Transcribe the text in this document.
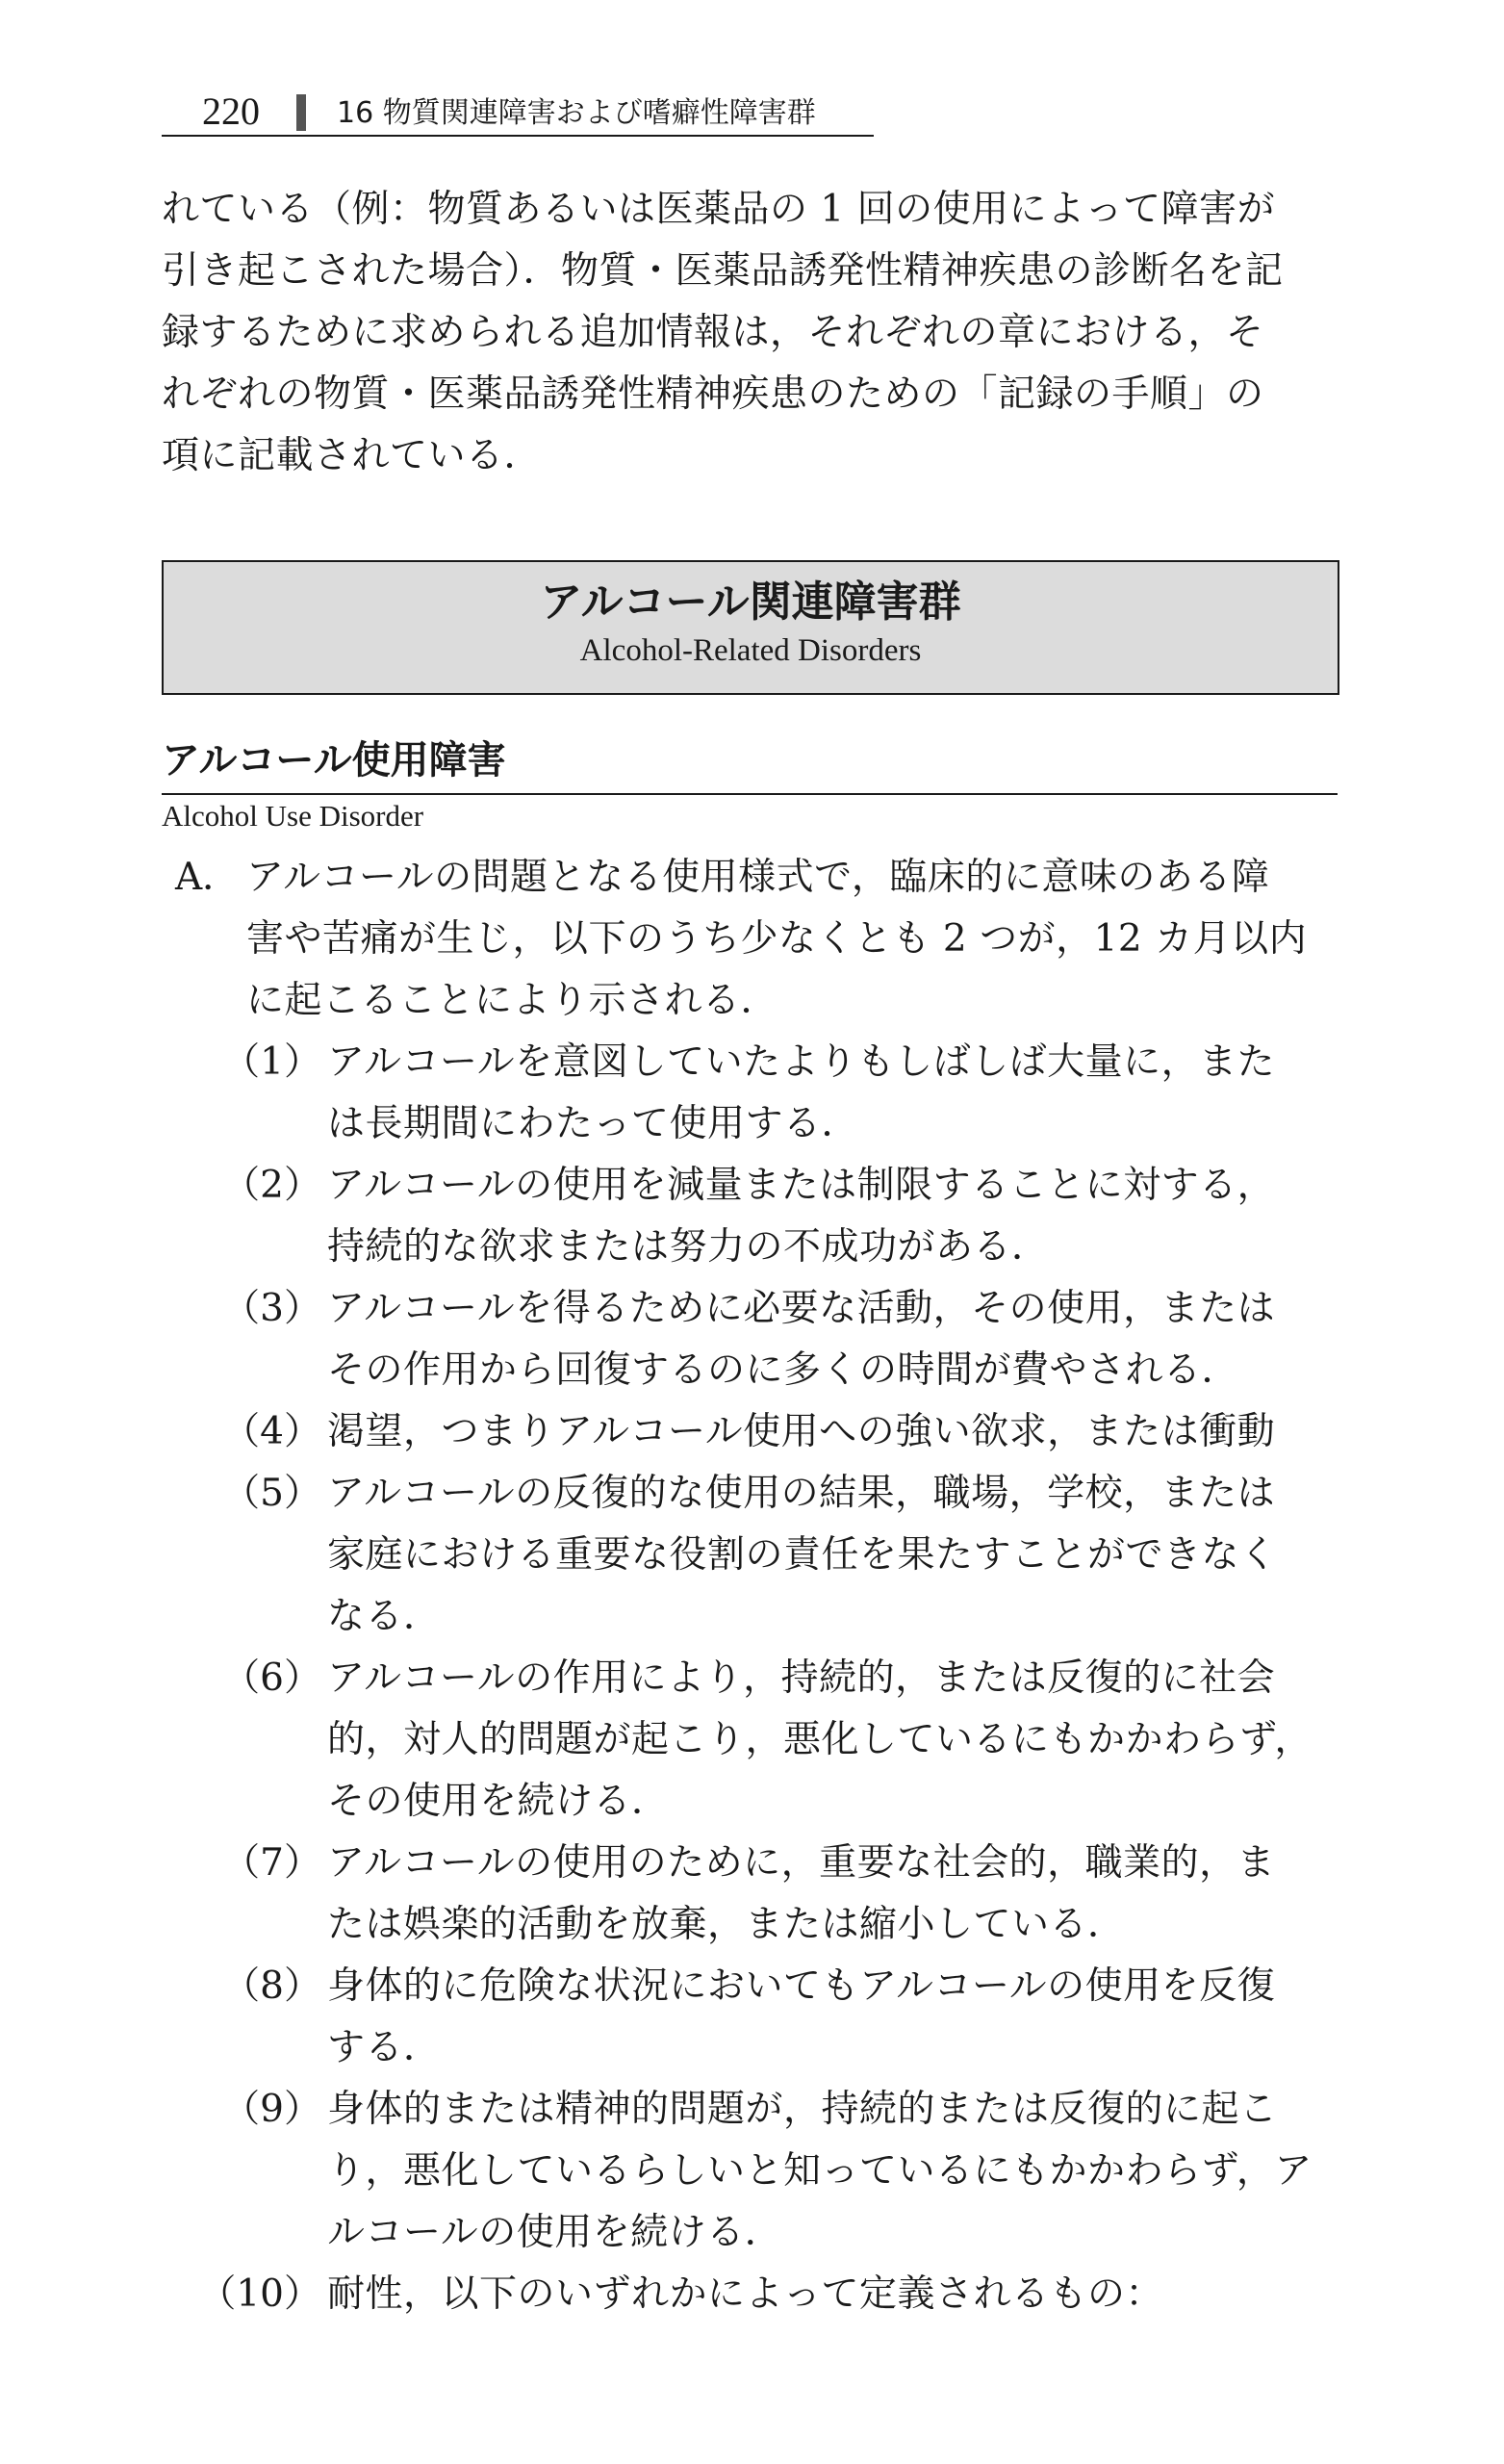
220	16 物質関連障害および嗜癖性障害群

れている（例：物質あるいは医薬品の 1 回の使用によって障害が

引き起こされた場合）．物質・医薬品誘発性精神疾患の診断名を記

録するために求められる追加情報は，それぞれの章における，そ

れぞれの物質・医薬品誘発性精神疾患のための「記録の手順」の

項に記載されている．

アルコール関連障害群
Alcohol-Related Disorders
アルコール使用障害
Alcohol Use Disorder
A． アルコールの問題となる使用様式で，臨床的に意味のある障

害や苦痛が生じ，以下のうち少なくとも 2 つが，12 カ月以内

に起こることにより示される．

（1） アルコールを意図していたよりもしばしば大量に，また

は長期間にわたって使用する．

（2） アルコールの使用を減量または制限することに対する，

持続的な欲求または努力の不成功がある．

（3） アルコールを得るために必要な活動，その使用，または

その作用から回復するのに多くの時間が費やされる．

（4） 渇望，つまりアルコール使用への強い欲求，または衝動

（5） アルコールの反復的な使用の結果，職場，学校，または

家庭における重要な役割の責任を果たすことができなく

なる．

（6） アルコールの作用により，持続的，または反復的に社会

的，対人的問題が起こり，悪化しているにもかかわらず，

その使用を続ける．

（7） アルコールの使用のために，重要な社会的，職業的，ま

たは娯楽的活動を放棄，または縮小している．

（8） 身体的に危険な状況においてもアルコールの使用を反復

する．

（9） 身体的または精神的問題が，持続的または反復的に起こ

り，悪化しているらしいと知っているにもかかわらず，ア

ルコールの使用を続ける．

（10） 耐性，以下のいずれかによって定義されるもの：
